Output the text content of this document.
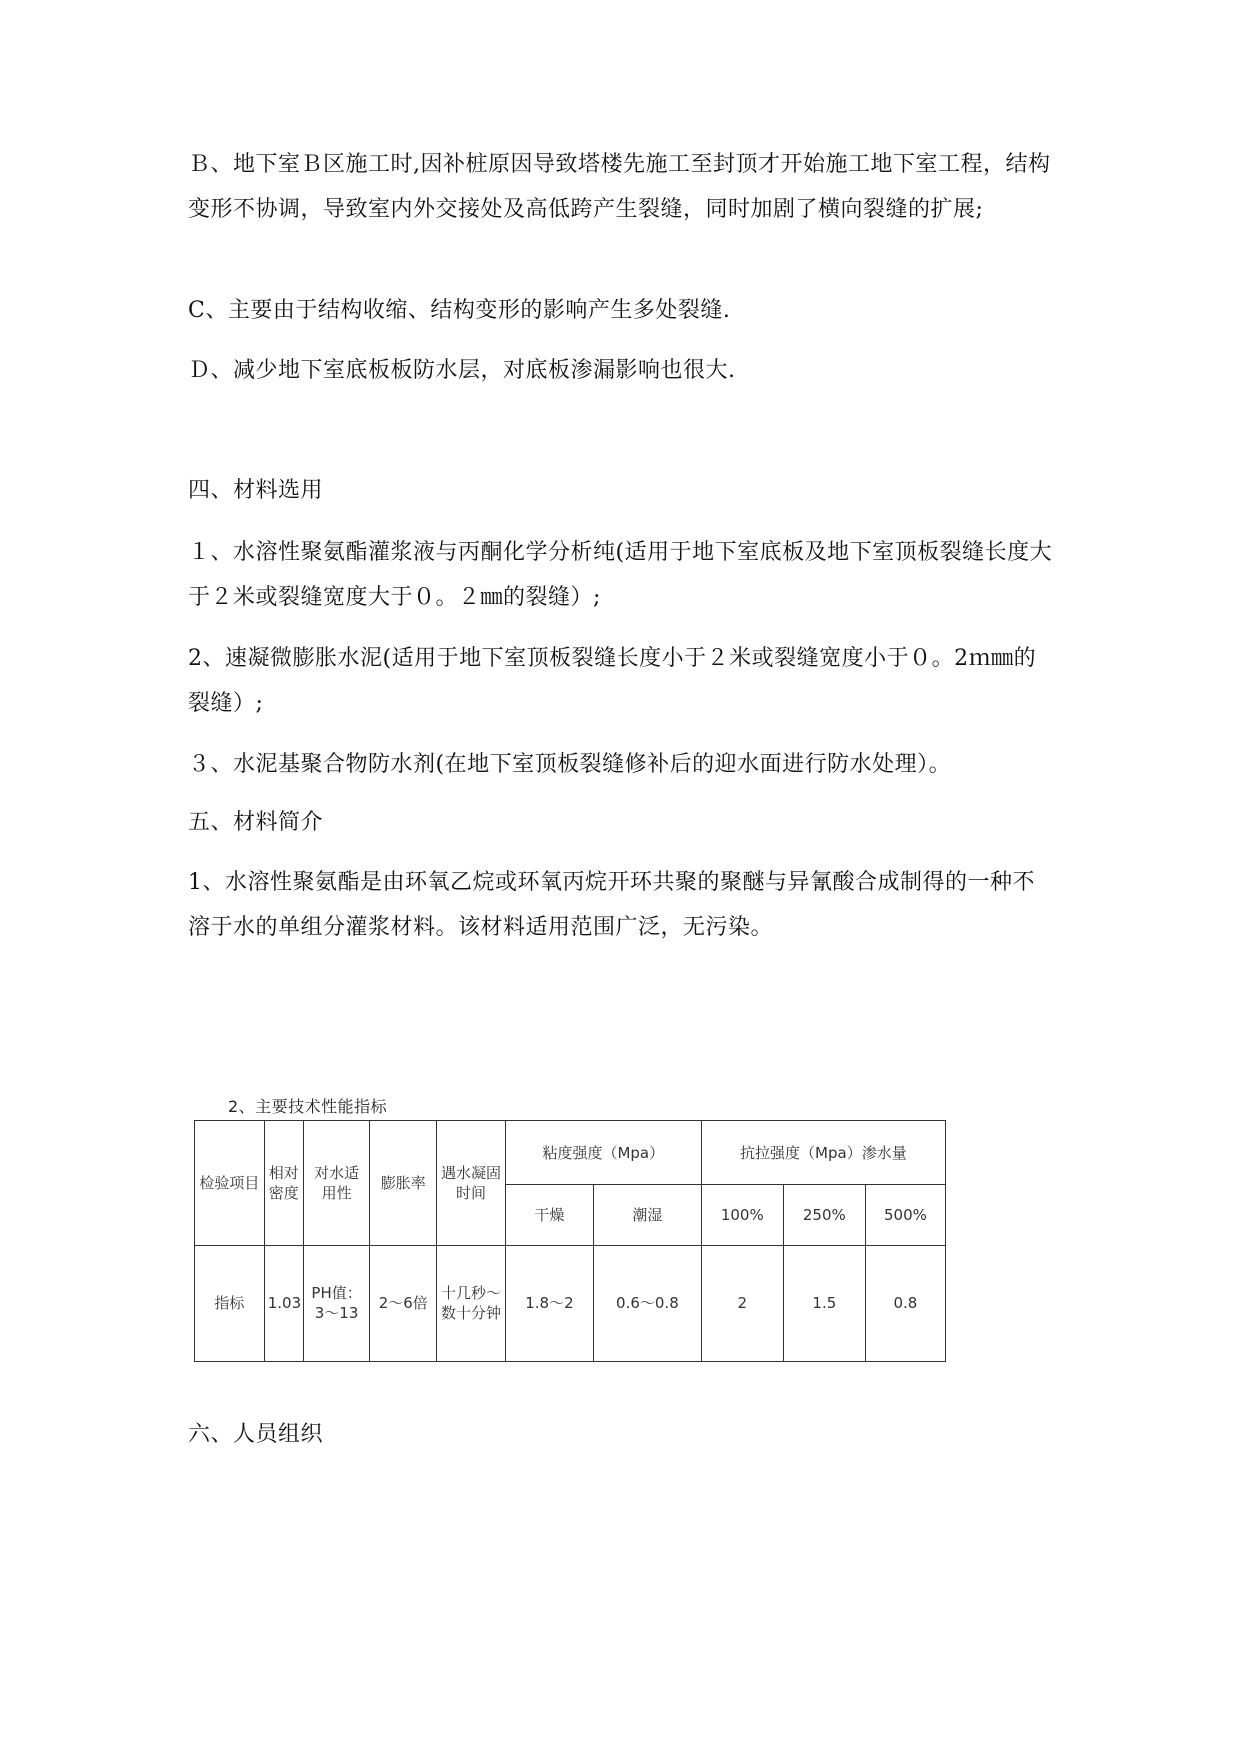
Ｂ、地下室Ｂ区施工时,因补桩原因导致塔楼先施工至封顶才开始施工地下室工程，结构变形不协调，导致室内外交接处及高低跨产生裂缝，同时加剧了横向裂缝的扩展;

C、主要由于结构收缩、结构变形的影响产生多处裂缝.

Ｄ、减少地下室底板板防水层，对底板渗漏影响也很大.

四、材料选用

１、水溶性聚氨酯灌浆液与丙酮化学分析纯(适用于地下室底板及地下室顶板裂缝长度大于２米或裂缝宽度大于０。２㎜的裂缝）;

2、速凝微膨胀水泥(适用于地下室顶板裂缝长度小于２米或裂缝宽度小于０。2ｍ㎜的裂缝）;

３、水泥基聚合物防水剂(在地下室顶板裂缝修补后的迎水面进行防水处理）。

五、材料简介

1、水溶性聚氨酯是由环氧乙烷或环氧丙烷开环共聚的聚醚与异氰酸合成制得的一种不溶于水的单组分灌浆材料。该材料适用范围广泛，无污染。

2、主要技术性能指标
检验项目	相对密度	对水适用性	膨胀率	遇水凝固时间	粘度强度（Mpa）		抗拉强度（Mpa）渗水量		
					干燥	潮湿	100%	250%	500%
指标	1.03	PH值：3～13	2～6倍	十几秒～数十分钟	1.8～2	0.6～0.8	2	1.5	0.8

六、人员组织
